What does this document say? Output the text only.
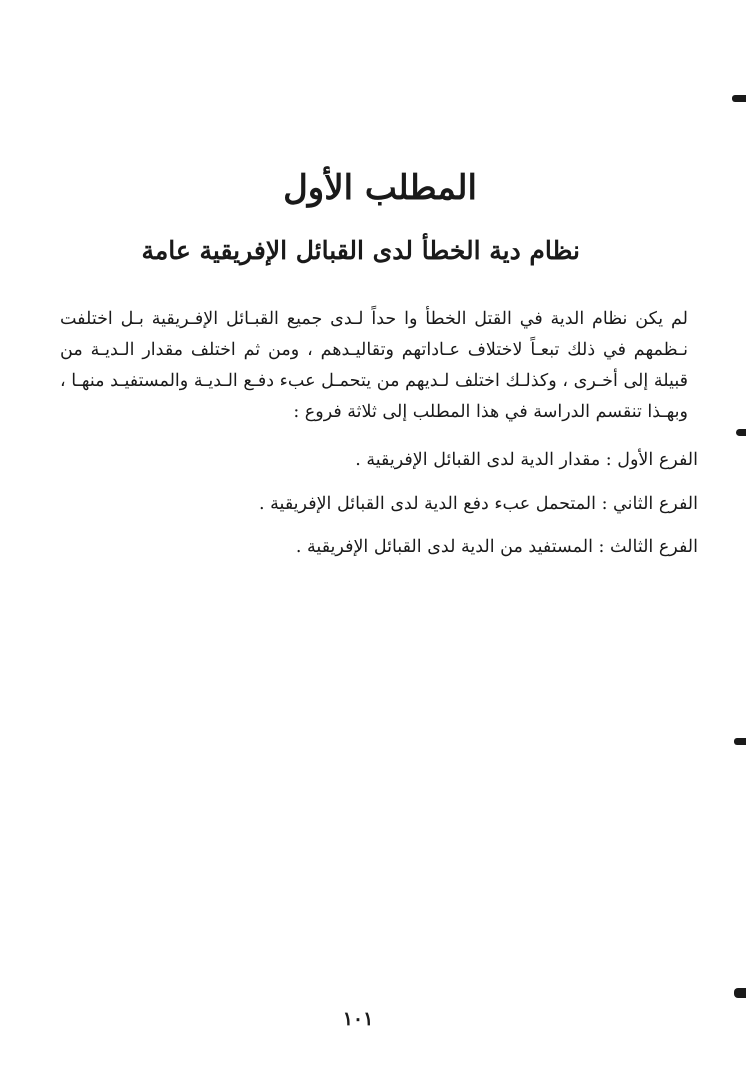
المطلب الأول
نظام دية الخطأ لدى القبائل الإفريقية عامة

لم يكن نظام الدية في القتل الخطأ وا حداً لـدى جميع القبـائل الإفـريقية بـل اختلفت نـظمهم في ذلك تبعـاً لاختلاف عـاداتهم وتقاليـدهم ، ومن ثم اختلف مقدار الـديـة من قبيلة إلى أخـرى ، وكذلـك اختلف لـديهم من يتحمـل عبء دفـع الـديـة والمستفيـد منهـا ، وبهـذا تنقسم الدراسة في هذا المطلب إلى ثلاثة فروع :

الفرع الأول : مقدار الدية لدى القبائل الإفريقية .

الفرع الثاني : المتحمل عبء دفع الدية لدى القبائل الإفريقية .

الفرع الثالث : المستفيد من الدية لدى القبائل الإفريقية .

١٠١
